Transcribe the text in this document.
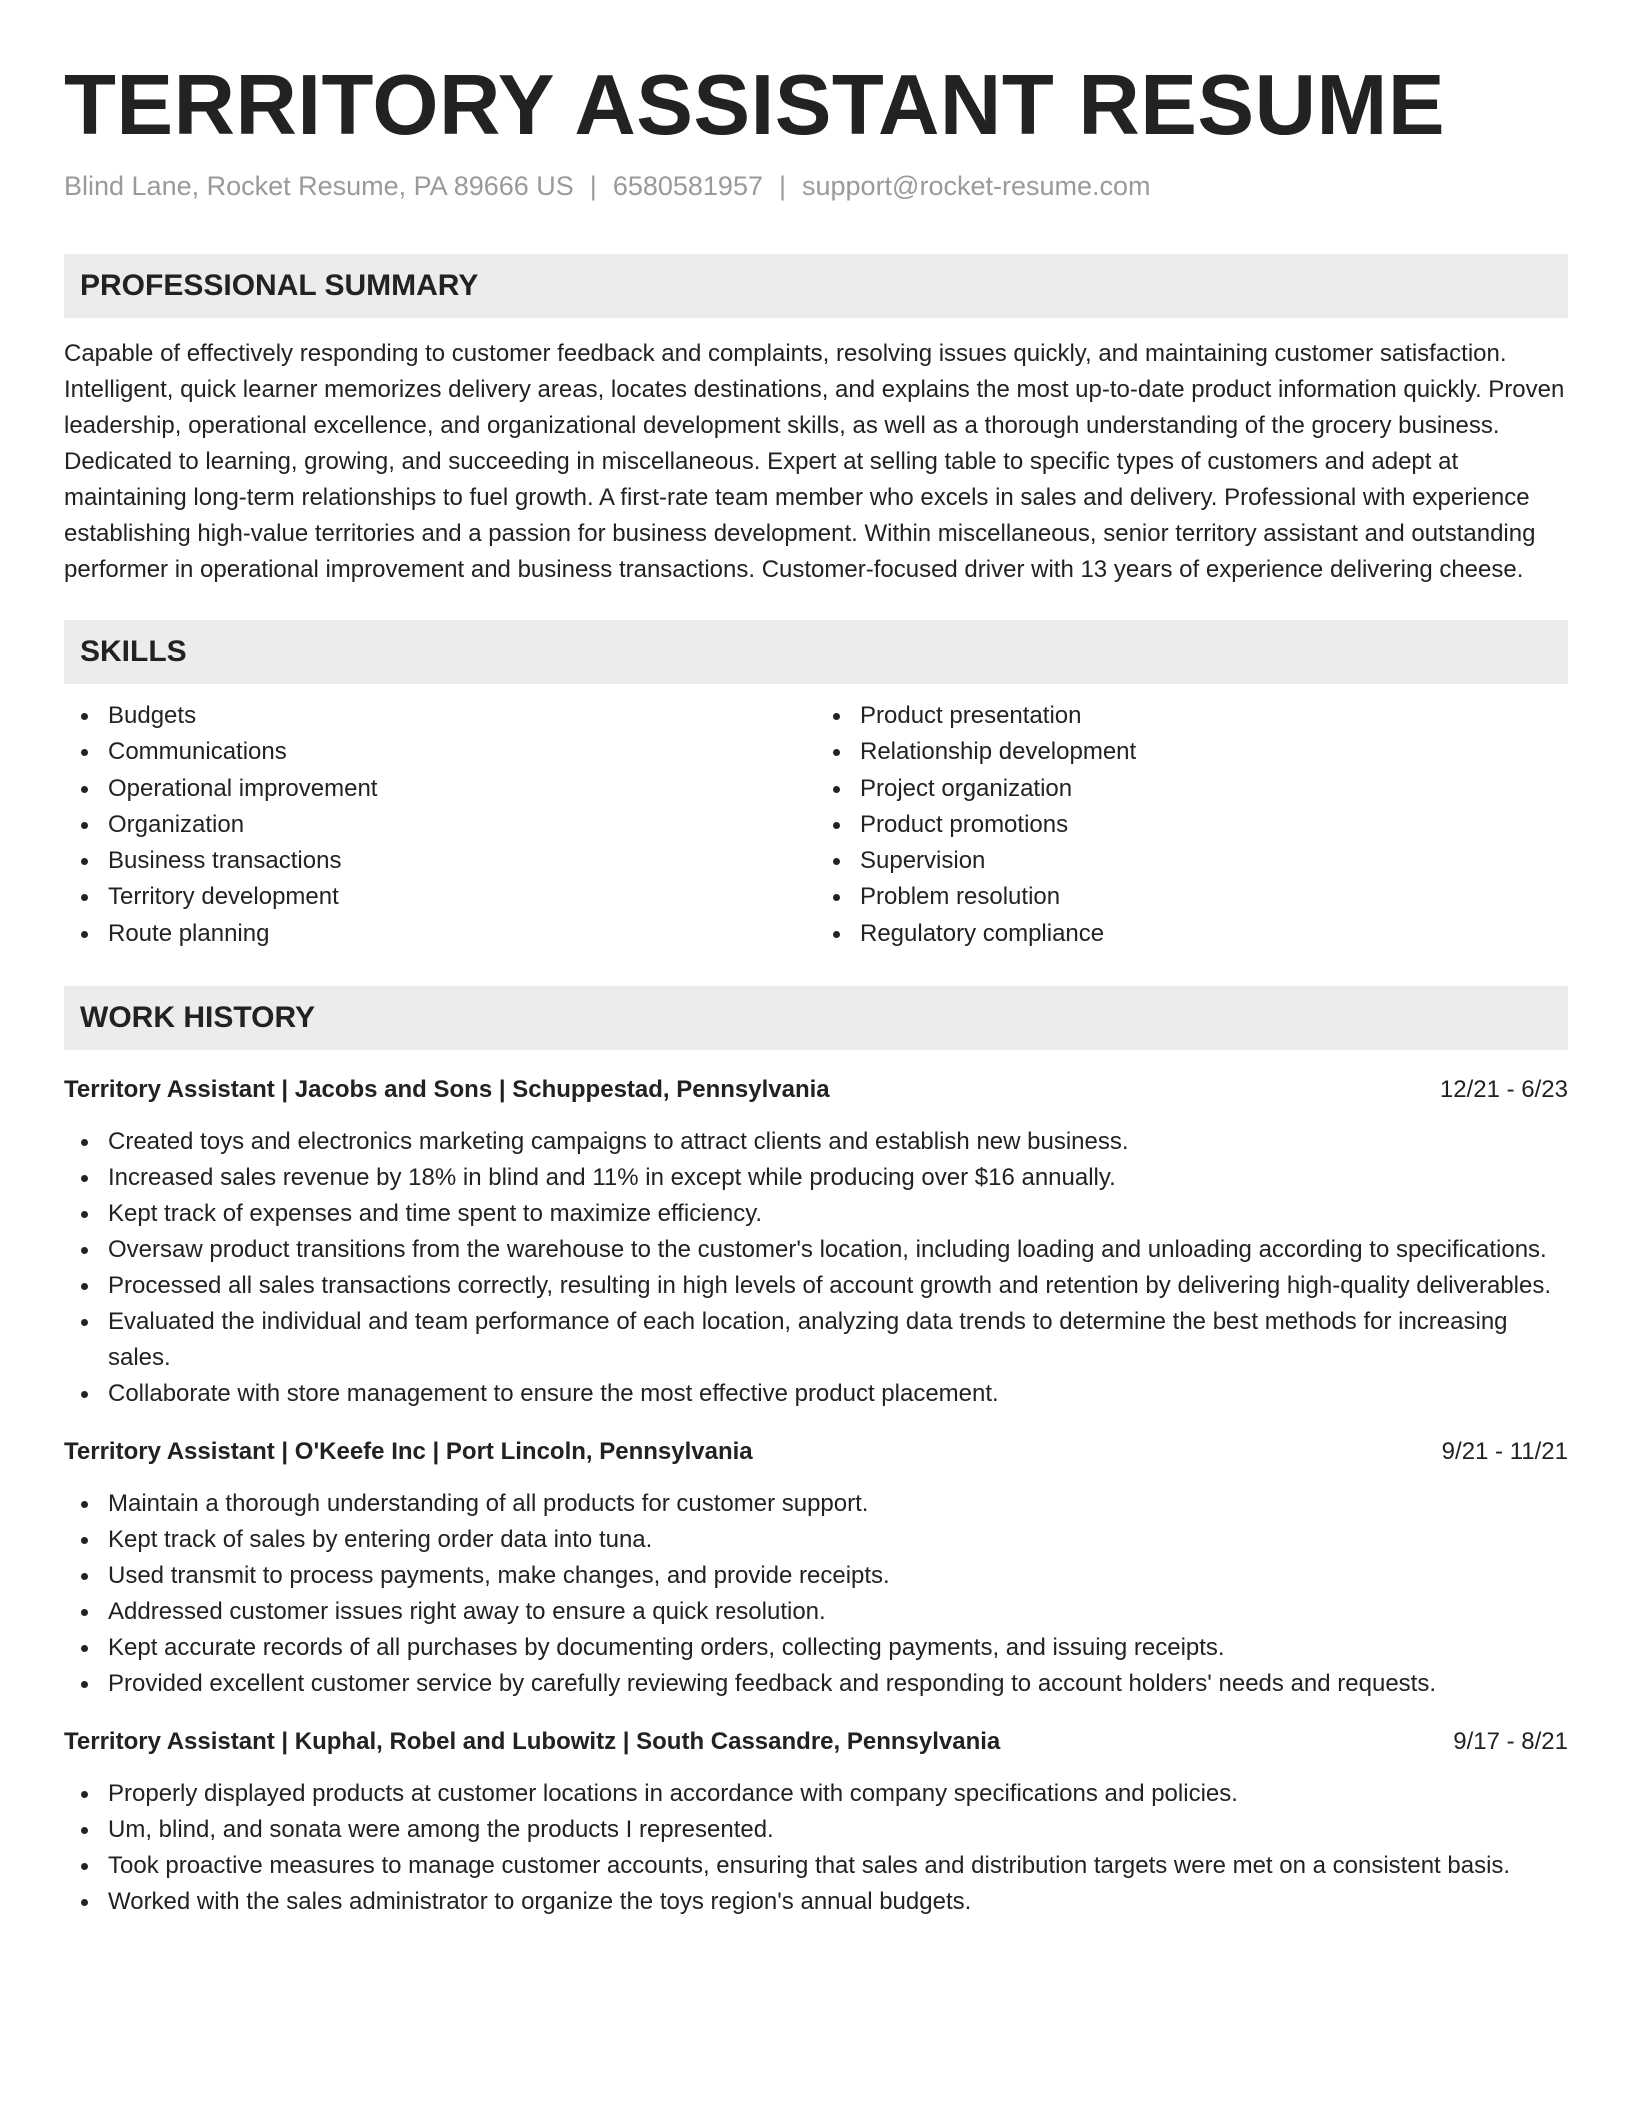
TERRITORY ASSISTANT RESUME
Blind Lane, Rocket Resume, PA 89666 US | 6580581957 | support@rocket-resume.com
PROFESSIONAL SUMMARY

Capable of effectively responding to customer feedback and complaints, resolving issues quickly, and maintaining customer satisfaction. Intelligent, quick learner memorizes delivery areas, locates destinations, and explains the most up-to-date product information quickly. Proven leadership, operational excellence, and organizational development skills, as well as a thorough understanding of the grocery business. Dedicated to learning, growing, and succeeding in miscellaneous. Expert at selling table to specific types of customers and adept at maintaining long-term relationships to fuel growth. A first-rate team member who excels in sales and delivery. Professional with experience establishing high-value territories and a passion for business development. Within miscellaneous, senior territory assistant and outstanding performer in operational improvement and business transactions. Customer-focused driver with 13 years of experience delivering cheese.

SKILLS
Budgets
Communications
Operational improvement
Organization
Business transactions
Territory development
Route planning
Product presentation
Relationship development
Project organization
Product promotions
Supervision
Problem resolution
Regulatory compliance
WORK HISTORY
Territory Assistant | Jacobs and Sons | Schuppestad, Pennsylvania	12/21 - 6/23
Created toys and electronics marketing campaigns to attract clients and establish new business.
Increased sales revenue by 18% in blind and 11% in except while producing over $16 annually.
Kept track of expenses and time spent to maximize efficiency.
Oversaw product transitions from the warehouse to the customer's location, including loading and unloading according to specifications.
Processed all sales transactions correctly, resulting in high levels of account growth and retention by delivering high-quality deliverables.
Evaluated the individual and team performance of each location, analyzing data trends to determine the best methods for increasing sales.
Collaborate with store management to ensure the most effective product placement.
Territory Assistant | O'Keefe Inc | Port Lincoln, Pennsylvania	9/21 - 11/21
Maintain a thorough understanding of all products for customer support.
Kept track of sales by entering order data into tuna.
Used transmit to process payments, make changes, and provide receipts.
Addressed customer issues right away to ensure a quick resolution.
Kept accurate records of all purchases by documenting orders, collecting payments, and issuing receipts.
Provided excellent customer service by carefully reviewing feedback and responding to account holders' needs and requests.
Territory Assistant | Kuphal, Robel and Lubowitz | South Cassandre, Pennsylvania	9/17 - 8/21
Properly displayed products at customer locations in accordance with company specifications and policies.
Um, blind, and sonata were among the products I represented.
Took proactive measures to manage customer accounts, ensuring that sales and distribution targets were met on a consistent basis.
Worked with the sales administrator to organize the toys region's annual budgets.
